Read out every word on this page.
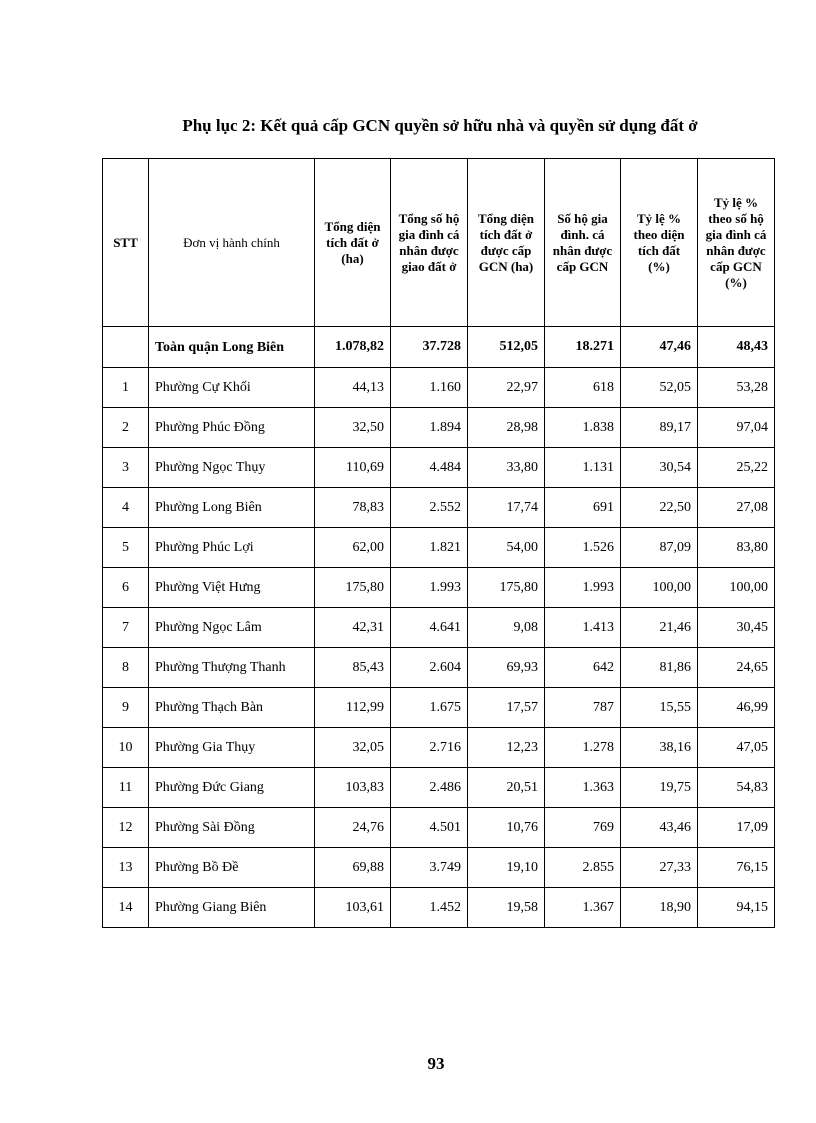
Phụ lục 2: Kết quả cấp GCN quyền sở hữu nhà và quyền sử dụng đất ở
STT	Đơn vị hành chính	Tổng diện tích đất ở (ha)	Tổng số hộ gia đình cá nhân được giao đất ở	Tổng diện tích đất ở được cấp GCN (ha)	Số hộ gia đình. cá nhân được cấp GCN	Tỷ lệ % theo diện tích đất (%)	Tỷ lệ % theo số hộ gia đình cá nhân được cấp GCN (%)
	Toàn quận Long Biên	1.078,82	37.728	512,05	18.271	47,46	48,43
1	Phường Cự Khối	44,13	1.160	22,97	618	52,05	53,28
2	Phường Phúc Đồng	32,50	1.894	28,98	1.838	89,17	97,04
3	Phường Ngọc Thụy	110,69	4.484	33,80	1.131	30,54	25,22
4	Phường Long Biên	78,83	2.552	17,74	691	22,50	27,08
5	Phường Phúc Lợi	62,00	1.821	54,00	1.526	87,09	83,80
6	Phường Việt Hưng	175,80	1.993	175,80	1.993	100,00	100,00
7	Phường Ngọc Lâm	42,31	4.641	9,08	1.413	21,46	30,45
8	Phường Thượng Thanh	85,43	2.604	69,93	642	81,86	24,65
9	Phường Thạch Bàn	112,99	1.675	17,57	787	15,55	46,99
10	Phường Gia Thụy	32,05	2.716	12,23	1.278	38,16	47,05
11	Phường Đức Giang	103,83	2.486	20,51	1.363	19,75	54,83
12	Phường Sài Đồng	24,76	4.501	10,76	769	43,46	17,09
13	Phường Bồ Đề	69,88	3.749	19,10	2.855	27,33	76,15
14	Phường Giang Biên	103,61	1.452	19,58	1.367	18,90	94,15
93
